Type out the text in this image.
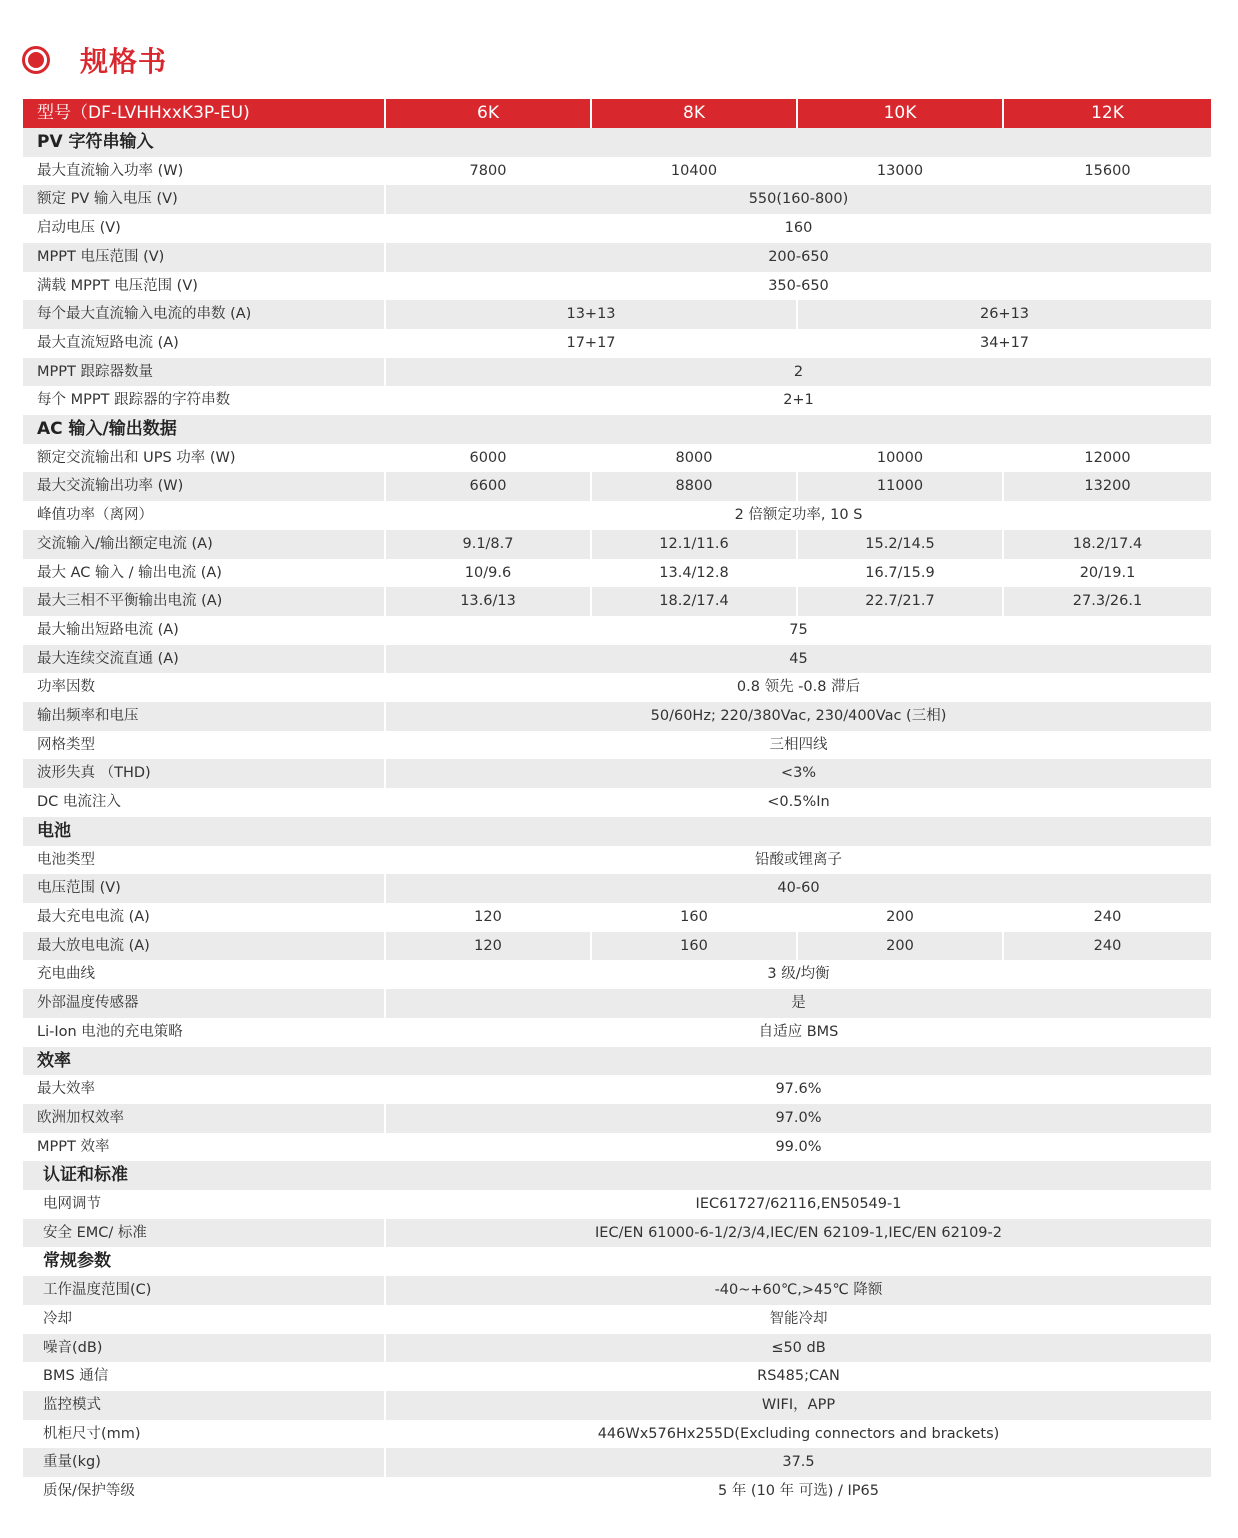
规格书
型号（DF-LVHHxxK3P-EU)	6K	8K	10K	12K
PV 字符串输入				
最大直流输入功率 (W)	7800	10400	13000	15600
额定 PV 输入电压 (V)	550(160-800)			
启动电压 (V)	160			
MPPT 电压范围 (V)	200-650			
满载 MPPT 电压范围 (V)	350-650			
每个最大直流输入电流的串数 (A)	13+13		26+13	
最大直流短路电流 (A)	17+17		34+17	
MPPT 跟踪器数量	2			
每个 MPPT 跟踪器的字符串数	2+1			
AC 输入/输出数据				
额定交流输出和 UPS 功率 (W)	6000	8000	10000	12000
最大交流输出功率 (W)	6600	8800	11000	13200
峰值功率（离网）	2 倍额定功率, 10 S			
交流输入/输出额定电流 (A)	9.1/8.7	12.1/11.6	15.2/14.5	18.2/17.4
最大 AC 输入 / 输出电流 (A)	10/9.6	13.4/12.8	16.7/15.9	20/19.1
最大三相不平衡输出电流 (A)	13.6/13	18.2/17.4	22.7/21.7	27.3/26.1
最大输出短路电流 (A)	75			
最大连续交流直通 (A)	45			
功率因数	0.8 领先 -0.8 滞后			
输出频率和电压	50/60Hz; 220/380Vac, 230/400Vac (三相)			
网格类型	三相四线			
波形失真 （THD)	<3%			
DC 电流注入	<0.5%In			
电池				
电池类型	铅酸或锂离子			
电压范围 (V)	40-60			
最大充电电流 (A)	120	160	200	240
最大放电电流 (A)	120	160	200	240
充电曲线	3 级/均衡			
外部温度传感器	是			
Li-Ion 电池的充电策略	自适应 BMS			
效率				
最大效率	97.6%			
欧洲加权效率	97.0%			
MPPT 效率	99.0%			
认证和标准				
电网调节	IEC61727/62116,EN50549-1			
安全 EMC/ 标准	IEC/EN 61000-6-1/2/3/4,IEC/EN 62109-1,IEC/EN 62109-2			
常规参数				
工作温度范围(C)	-40~+60℃,>45℃ 降额			
冷却	智能冷却			
噪音(dB)	≤50 dB			
BMS 通信	RS485;CAN			
监控模式	WIFI，APP			
机柜尺寸(mm)	446Wx576Hx255D(Excluding connectors and brackets)			
重量(kg)	37.5			
质保/保护等级	5 年 (10 年 可选) / IP65			
